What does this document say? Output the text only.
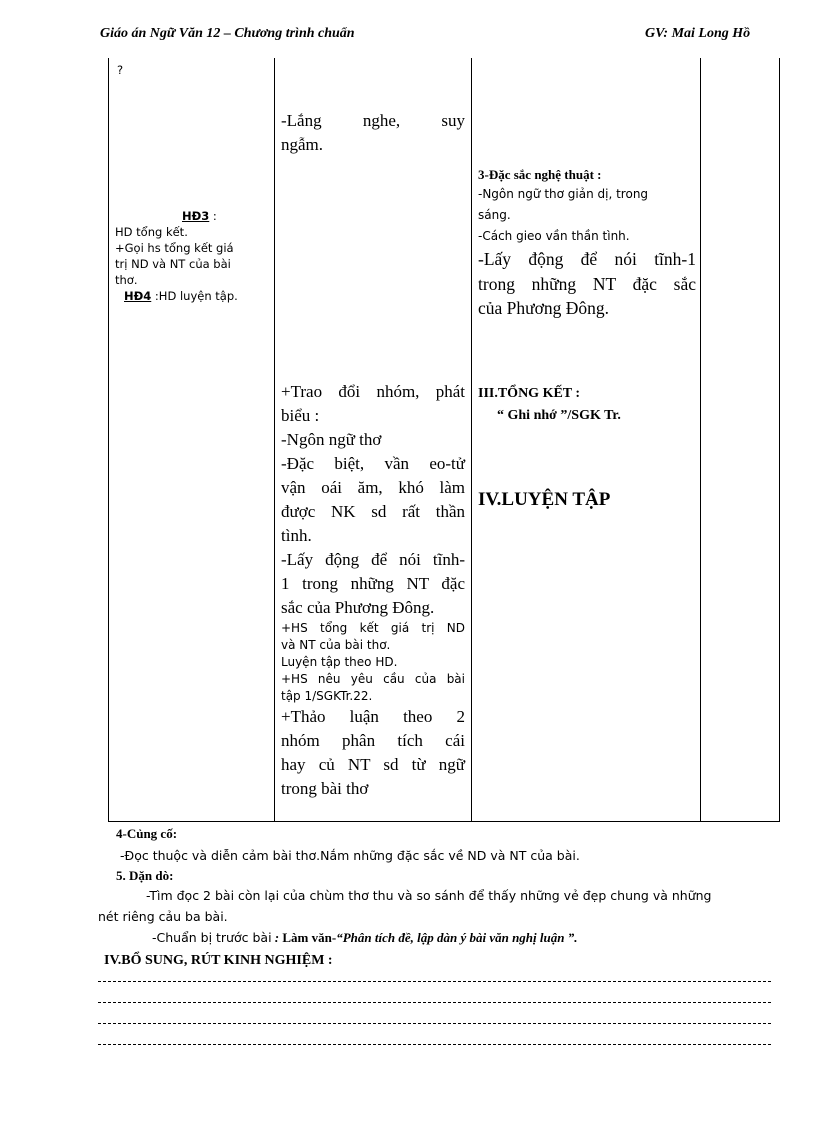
Giáo án Ngữ Văn 12 – Chương trình chuẩn	GV: Mai Long Hồ
?
HĐ3 :
HD tổng kết.
+Gọi hs tổng kết giá
trị ND và NT của bài
thơ.
HĐ4 :HD luyện tập.
-Lắng nghe, suy
ngẫm.
+Trao đổi nhóm, phát
biểu :
-Ngôn ngữ thơ
-Đặc biệt, vần eo-tử
vận oái ăm, khó làm
được NK sd rất thần
tình.
-Lấy động để nói tĩnh-
1 trong những NT đặc
sắc của Phương Đông.
+HS tổng kết giá trị ND
và NT của bài thơ.
Luyện tập theo HD.
+HS nêu yêu cầu của bài
tập 1/SGKTr.22.
+Thảo luận theo 2
nhóm phân tích cái
hay củ NT sd từ ngữ
trong bài thơ
3-Đặc sắc nghệ thuật :
-Ngôn ngữ thơ giản dị, trong
sáng.
-Cách gieo vần thần tình.
-Lấy động để nói tĩnh-1
trong những NT đặc sắc
của Phương Đông.
III.TỔNG KẾT :
“ Ghi nhớ ”/SGK Tr.
IV.LUYỆN TẬP
4-Củng cố:
-Đọc thuộc và diễn cảm bài thơ.Nắm những đặc sắc về ND và NT của bài.
5. Dặn dò:
-Tìm đọc 2 bài còn lại của chùm thơ thu và so sánh để thấy những vẻ đẹp chung và những
nét riêng cảu ba bài.
-Chuẩn bị trước bài : Làm văn-“Phân tích đề, lập dàn ý bài văn nghị luận ”.
IV.BỔ SUNG, RÚT KINH NGHIỆM :
